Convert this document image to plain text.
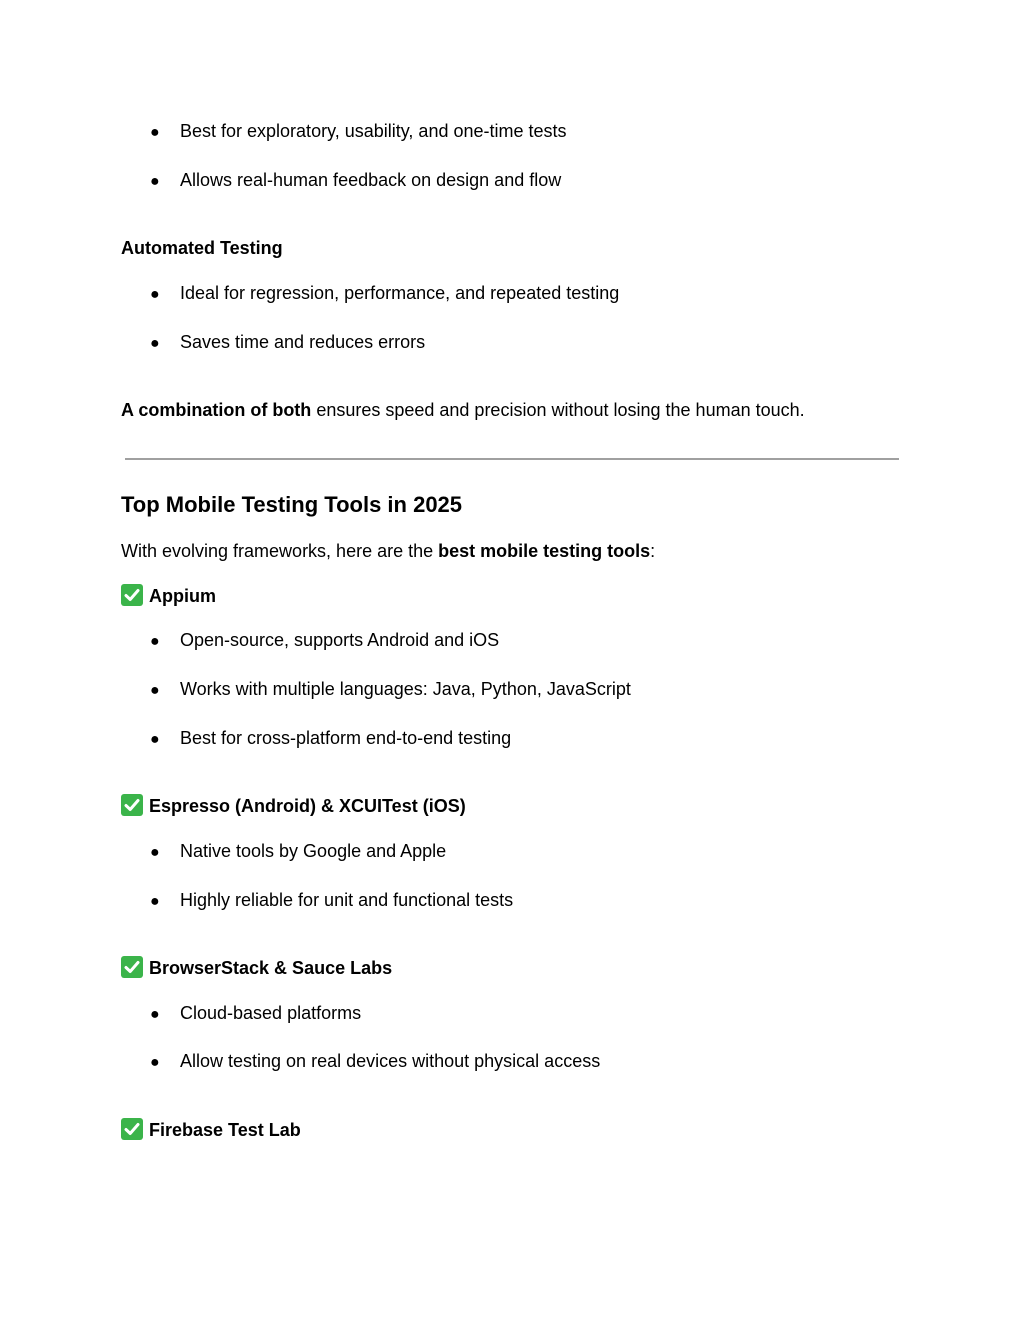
● Best for exploratory, usability, and one-time tests
● Allows real-human feedback on design and flow
Automated Testing
● Ideal for regression, performance, and repeated testing
● Saves time and reduces errors
A combination of both ensures speed and precision without losing the human touch.
Top Mobile Testing Tools in 2025
With evolving frameworks, here are the best mobile testing tools:
Appium
● Open-source, supports Android and iOS
● Works with multiple languages: Java, Python, JavaScript
● Best for cross-platform end-to-end testing
Espresso (Android) & XCUITest (iOS)
● Native tools by Google and Apple
● Highly reliable for unit and functional tests
BrowserStack & Sauce Labs
● Cloud-based platforms
● Allow testing on real devices without physical access
Firebase Test Lab
